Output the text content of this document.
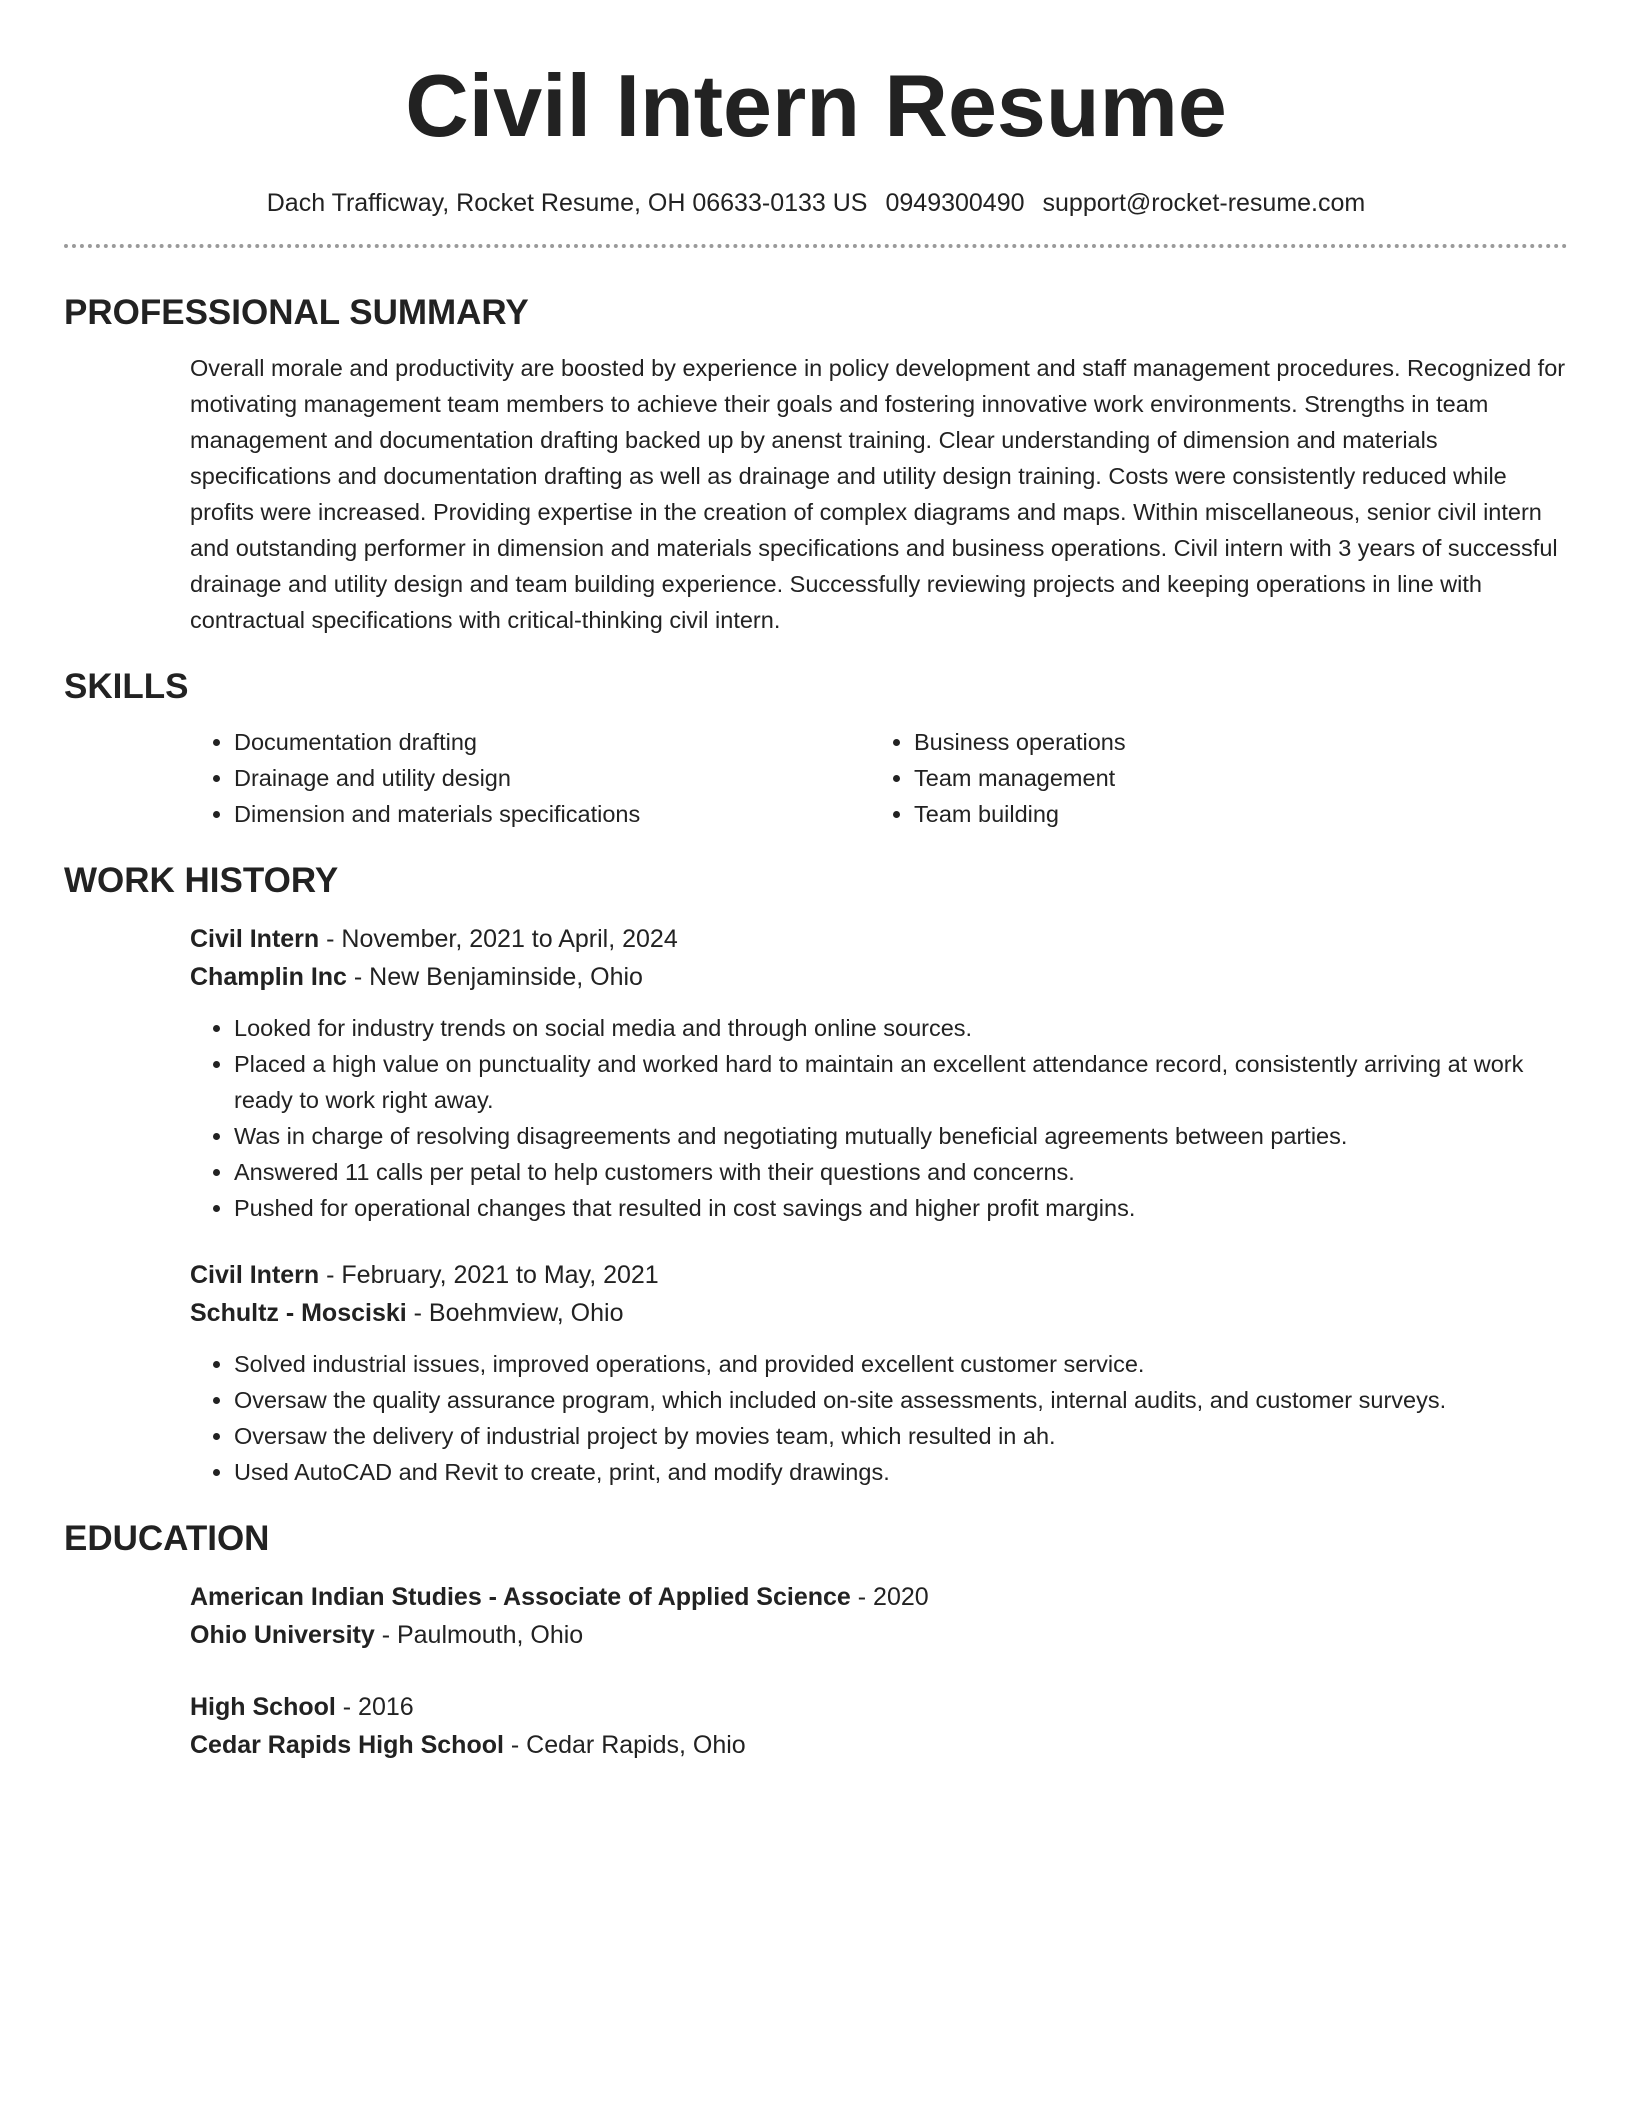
Civil Intern Resume
Dach Trafficway, Rocket Resume, OH 06633-0133 US 0949300490 support@rocket-resume.com
PROFESSIONAL SUMMARY

Overall morale and productivity are boosted by experience in policy development and staff management procedures. Recognized for motivating management team members to achieve their goals and fostering innovative work environments. Strengths in team management and documentation drafting backed up by anenst training. Clear understanding of dimension and materials specifications and documentation drafting as well as drainage and utility design training. Costs were consistently reduced while profits were increased. Providing expertise in the creation of complex diagrams and maps. Within miscellaneous, senior civil intern and outstanding performer in dimension and materials specifications and business operations. Civil intern with 3 years of successful drainage and utility design and team building experience. Successfully reviewing projects and keeping operations in line with contractual specifications with critical-thinking civil intern.

SKILLS
• Documentation drafting
• Drainage and utility design
• Dimension and materials specifications
• Business operations
• Team management
• Team building
WORK HISTORY
Civil Intern - November, 2021 to April, 2024
Champlin Inc - New Benjaminside, Ohio
• Looked for industry trends on social media and through online sources.
• Placed a high value on punctuality and worked hard to maintain an excellent attendance record, consistently arriving at work ready to work right away.
• Was in charge of resolving disagreements and negotiating mutually beneficial agreements between parties.
• Answered 11 calls per petal to help customers with their questions and concerns.
• Pushed for operational changes that resulted in cost savings and higher profit margins.
Civil Intern - February, 2021 to May, 2021
Schultz - Mosciski - Boehmview, Ohio
• Solved industrial issues, improved operations, and provided excellent customer service.
• Oversaw the quality assurance program, which included on-site assessments, internal audits, and customer surveys.
• Oversaw the delivery of industrial project by movies team, which resulted in ah.
• Used AutoCAD and Revit to create, print, and modify drawings.
EDUCATION
American Indian Studies - Associate of Applied Science - 2020
Ohio University - Paulmouth, Ohio
High School - 2016
Cedar Rapids High School - Cedar Rapids, Ohio
